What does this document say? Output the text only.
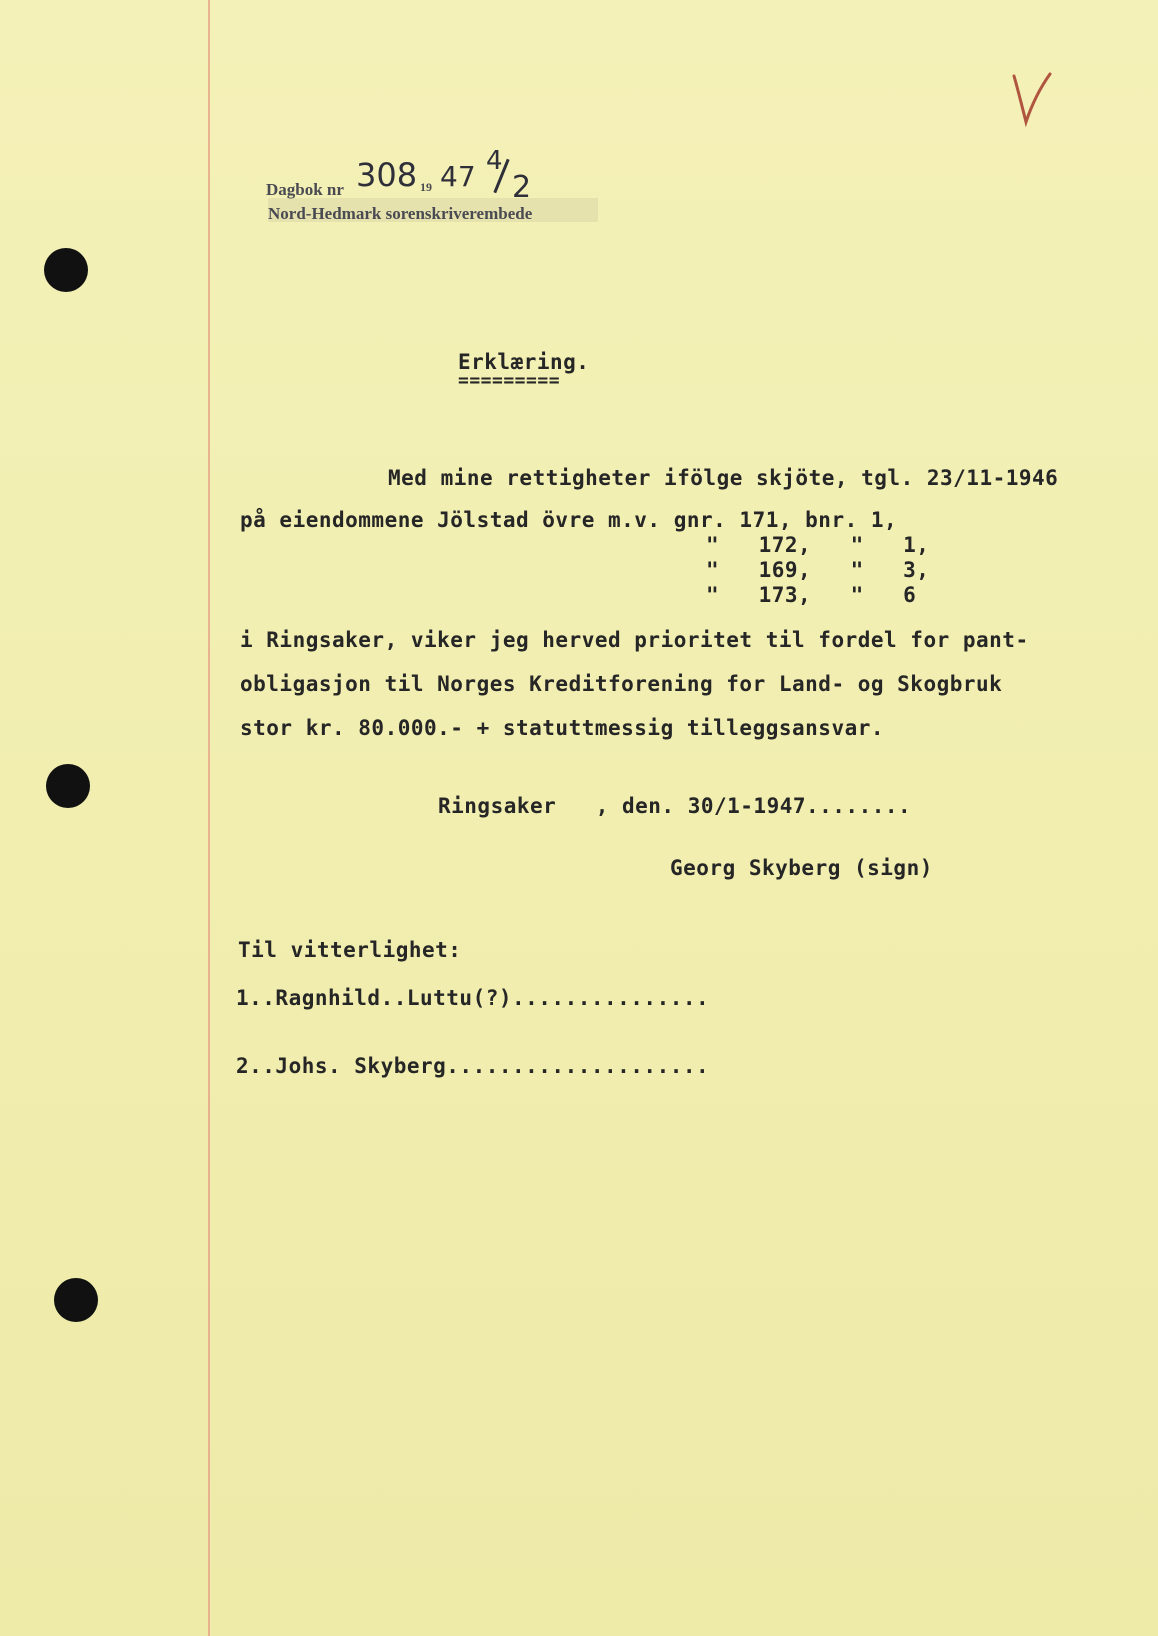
Dagbok nr 308 19 47 4
2
Nord-Hedmark sorenskriverembede
Erklæring.
=========
Med mine rettigheter ifölge skjöte, tgl. 23/11-1946
på eiendommene Jölstad övre m.v. gnr. 171, bnr. 1,
"   172,   "   1,
"   169,   "   3,
"   173,   "   6
i Ringsaker, viker jeg herved prioritet til fordel for pant-
obligasjon til Norges Kreditforening for Land- og Skogbruk
stor kr. 80.000.- + statuttmessig tilleggsansvar.
Ringsaker   , den. 30/1-1947........
Georg Skyberg (sign)
Til vitterlighet:
1..Ragnhild..Luttu(?)...............
2..Johs. Skyberg....................
